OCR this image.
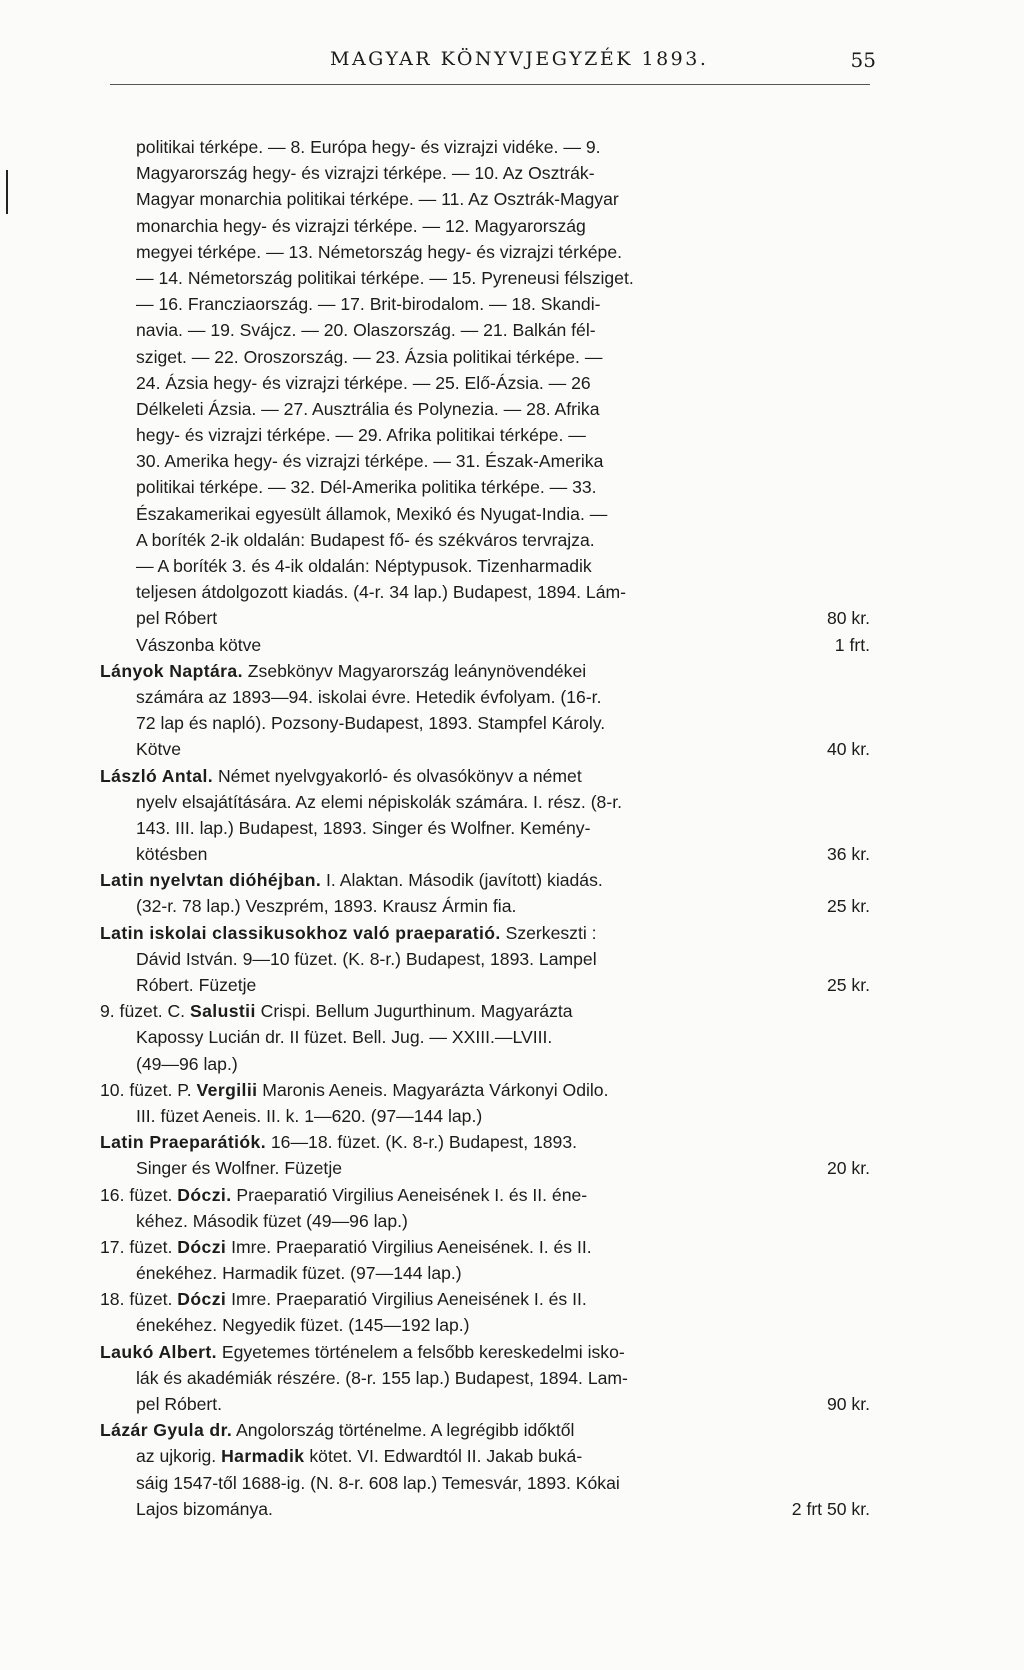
MAGYAR KÖNYVJEGYZÉK 1893.	55
politikai térképe. — 8. Európa hegy- és vizrajzi vidéke. — 9.
Magyarország hegy- és vizrajzi térképe. — 10. Az Osztrák-
Magyar monarchia politikai térképe. — 11. Az Osztrák-Magyar
monarchia hegy- és vizrajzi térképe. — 12. Magyarország
megyei térképe. — 13. Németország hegy- és vizrajzi térképe.
— 14. Németország politikai térképe. — 15. Pyreneusi félsziget.
— 16. Francziaország. — 17. Brit-birodalom. — 18. Skandi-
navia. — 19. Svájcz. — 20. Olaszország. — 21. Balkán fél-
sziget. — 22. Oroszország. — 23. Ázsia politikai térképe. —
24. Ázsia hegy- és vizrajzi térképe. — 25. Elő-Ázsia. — 26
Délkeleti Ázsia. — 27. Ausztrália és Polynezia. — 28. Afrika
hegy- és vizrajzi térképe. — 29. Afrika politikai térképe. —
30. Amerika hegy- és vizrajzi térképe. — 31. Észak-Amerika
politikai térképe. — 32. Dél-Amerika politika térképe. — 33.
Északamerikai egyesült államok, Mexikó és Nyugat-India. —
A boríték 2-ik oldalán: Budapest fő- és székváros tervrajza.
— A boríték 3. és 4-ik oldalán: Néptypusok. Tizenharmadik
teljesen átdolgozott kiadás. (4-r. 34 lap.) Budapest, 1894. Lám-
pel Róbert	80 kr.
Vászonba kötve	1 frt.
Lányok Naptára. Zsebkönyv Magyarország leánynövendékei
számára az 1893—94. iskolai évre. Hetedik évfolyam. (16-r.
72 lap és napló). Pozsony-Budapest, 1893. Stampfel Károly.
Kötve	40 kr.
László Antal. Német nyelvgyakorló- és olvasókönyv a német
nyelv elsajátítására. Az elemi népiskolák számára. I. rész. (8-r.
143. III. lap.) Budapest, 1893. Singer és Wolfner. Kemény-
kötésben	36 kr.
Latin nyelvtan dióhéjban. I. Alaktan. Második (javított) kiadás.
(32-r. 78 lap.) Veszprém, 1893. Krausz Ármin fia.	25 kr.
Latin iskolai classikusokhoz való praeparatió. Szerkeszti :
Dávid István. 9—10 füzet. (K. 8-r.) Budapest, 1893. Lampel
Róbert. Füzetje	25 kr.
9. füzet. C. Salustii Crispi. Bellum Jugurthinum. Magyarázta
Kapossy Lucián dr. II füzet. Bell. Jug. — XXIII.—LVIII.
(49—96 lap.)
10. füzet. P. Vergilii Maronis Aeneis. Magyarázta Várkonyi Odilo.
III. füzet Aeneis. II. k. 1—620. (97—144 lap.)
Latin Praeparátiók. 16—18. füzet. (K. 8-r.) Budapest, 1893.
Singer és Wolfner. Füzetje	20 kr.
16. füzet. Dóczi. Praeparatió Virgilius Aeneisének I. és II. éne-
kéhez. Második füzet (49—96 lap.)
17. füzet. Dóczi Imre. Praeparatió Virgilius Aeneisének. I. és II.
énekéhez. Harmadik füzet. (97—144 lap.)
18. füzet. Dóczi Imre. Praeparatió Virgilius Aeneisének I. és II.
énekéhez. Negyedik füzet. (145—192 lap.)
Laukó Albert. Egyetemes történelem a felsőbb kereskedelmi isko-
lák és akadémiák részére. (8-r. 155 lap.) Budapest, 1894. Lam-
pel Róbert.	90 kr.
Lázár Gyula dr. Angolország történelme. A legrégibb időktől
az ujkorig. Harmadik kötet. VI. Edwardtól II. Jakab buká-
sáig 1547-től 1688-ig. (N. 8-r. 608 lap.) Temesvár, 1893. Kókai
Lajos bizománya.	2 frt 50 kr.
